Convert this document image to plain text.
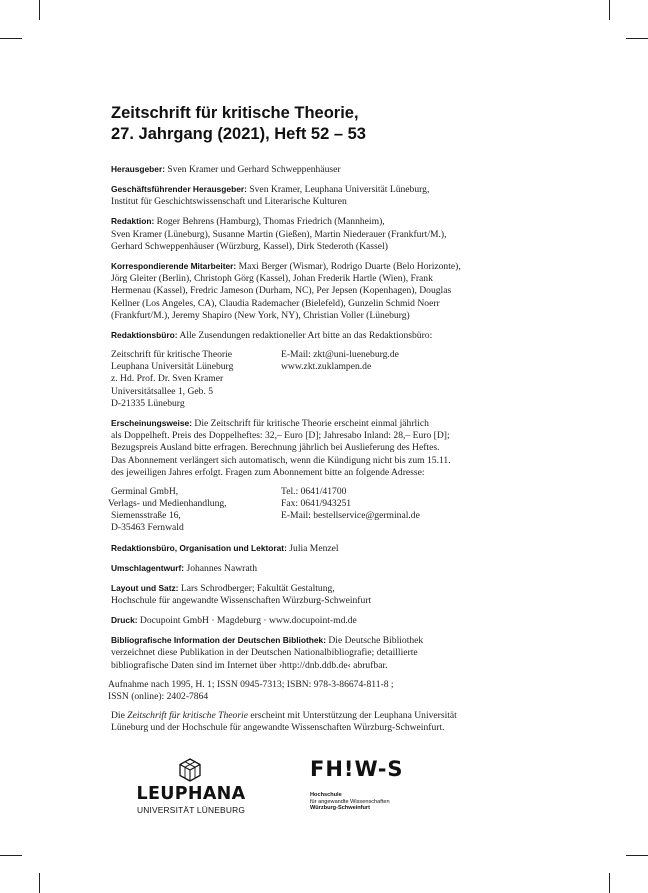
Zeitschrift für kritische Theorie,
27. Jahrgang (2021), Heft 52 – 53
Herausgeber: Sven Kramer und Gerhard Schweppenhäuser
Geschäftsführender Herausgeber: Sven Kramer, Leuphana Universität Lüneburg,
Institut für Geschichtswissenschaft und Literarische Kulturen
Redaktion: Roger Behrens (Hamburg), Thomas Friedrich (Mannheim),
Sven Kramer (Lüneburg), Susanne Martin (Gießen), Martin Niederauer (Frankfurt/M.),
Gerhard Schweppenhäuser (Würzburg, Kassel), Dirk Stederoth (Kassel)
Korrespondierende Mitarbeiter: Maxi Berger (Wismar), Rodrigo Duarte (Belo Horizonte),
Jörg Gleiter (Berlin), Christoph Görg (Kassel), Johan Frederik Hartle (Wien), Frank
Hermenau (Kassel), Fredric Jameson (Durham, NC), Per Jepsen (Kopenhagen), Douglas
Kellner (Los Angeles, CA), Claudia Rademacher (Bielefeld), Gunzelin Schmid Noerr
(Frankfurt/M.), Jeremy Shapiro (New York, NY), Christian Voller (Lüneburg)
Redaktionsbüro: Alle Zusendungen redaktioneller Art bitte an das Redaktionsbüro:
Zeitschrift für kritische Theorie
Leuphana Universität Lüneburg
z. Hd. Prof. Dr. Sven Kramer
Universitätsallee 1, Geb. 5
D-21335 Lüneburg
E-Mail: zkt@uni-lueneburg.de
www.zkt.zuklampen.de
Erscheinungsweise: Die Zeitschrift für kritische Theorie erscheint einmal jährlich
als Doppelheft. Preis des Doppelheftes: 32,– Euro [D]; Jahresabo Inland: 28,– Euro [D];
Bezugspreis Ausland bitte erfragen. Berechnung jährlich bei Auslieferung des Heftes.
Das Abonnement verlängert sich automatisch, wenn die Kündigung nicht bis zum 15.11.
des jeweiligen Jahres erfolgt. Fragen zum Abonnement bitte an folgende Adresse:
Germinal GmbH,
Verlags- und Medienhandlung,
Siemensstraße 16,
D-35463 Fernwald
Tel.: 0641/41700
Fax: 0641/943251
E-Mail: bestellservice@germinal.de
Redaktionsbüro, Organisation und Lektorat: Julia Menzel
Umschlagentwurf: Johannes Nawrath
Layout und Satz: Lars Schrodberger; Fakultät Gestaltung,
Hochschule für angewandte Wissenschaften Würzburg-Schweinfurt
Druck: Docupoint GmbH · Magdeburg · www.docupoint-md.de
Bibliografische Information der Deutschen Bibliothek: Die Deutsche Bibliothek
verzeichnet diese Publikation in der Deutschen Nationalbibliografie; detaillierte
bibliografische Daten sind im Internet über ›http://dnb.ddb.de‹ abrufbar.
Aufnahme nach 1995, H. 1; ISSN 0945-7313; ISBN: 978-3-86674-811-8 ;
ISSN (online): 2402-7864
Die Zeitschrift für kritische Theorie erscheint mit Unterstützung der Leuphana Universität
Lüneburg und der Hochschule für angewandte Wissenschaften Würzburg-Schweinfurt.
LEUPHANA
UNIVERSITÄT LÜNEBURG
FH!W-S
Hochschule
für angewandte Wissenschaften
Würzburg-Schweinfurt
